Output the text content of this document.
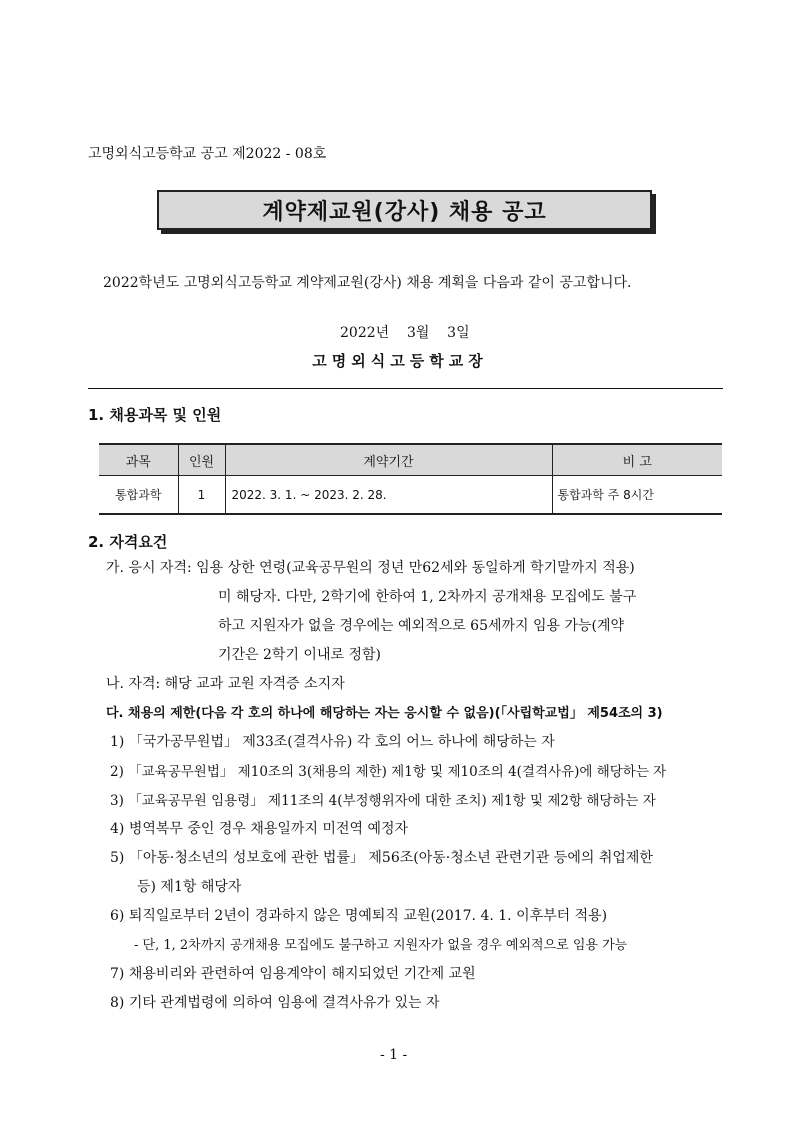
고명외식고등학교 공고 제2022 - 08호
계약제교원(강사) 채용 공고
2022학년도 고명외식고등학교 계약제교원(강사) 채용 계획을 다음과 같이 공고합니다.
2022년    3월    3일
고명외식고등학교장
1. 채용과목 및 인원
과목	인원	계약기간	비 고
통합과학	1	2022. 3. 1. ~ 2023. 2. 28.	통합과학 주 8시간
2. 자격요건
가. 응시 자격: 임용 상한 연령(교육공무원의 정년 만62세와 동일하게 학기말까지 적용)
미 해당자. 다만, 2학기에 한하여 1, 2차까지 공개채용 모집에도 불구
하고 지원자가 없을 경우에는 예외적으로 65세까지 임용 가능(계약
기간은 2학기 이내로 정함)
나. 자격: 해당 교과 교원 자격증 소지자
다. 채용의 제한(다음 각 호의 하나에 해당하는 자는 응시할 수 없음)(「사립학교법」 제54조의 3)
1) 「국가공무원법」 제33조(결격사유) 각 호의 어느 하나에 해당하는 자
2) 「교육공무원법」 제10조의 3(채용의 제한) 제1항 및 제10조의 4(결격사유)에 해당하는 자
3) 「교육공무원 임용령」 제11조의 4(부정행위자에 대한 조치) 제1항 및 제2항 해당하는 자
4) 병역복무 중인 경우 채용일까지 미전역 예정자
5) 「아동·청소년의 성보호에 관한 법률」 제56조(아동·청소년 관련기관 등에의 취업제한
등) 제1항 해당자
6) 퇴직일로부터 2년이 경과하지 않은 명예퇴직 교원(2017. 4. 1. 이후부터 적용)
- 단, 1, 2차까지 공개채용 모집에도 불구하고 지원자가 없을 경우 예외적으로 임용 가능
7) 채용비리와 관련하여 임용계약이 해지되었던 기간제 교원
8) 기타 관계법령에 의하여 임용에 결격사유가 있는 자
- 1 -
